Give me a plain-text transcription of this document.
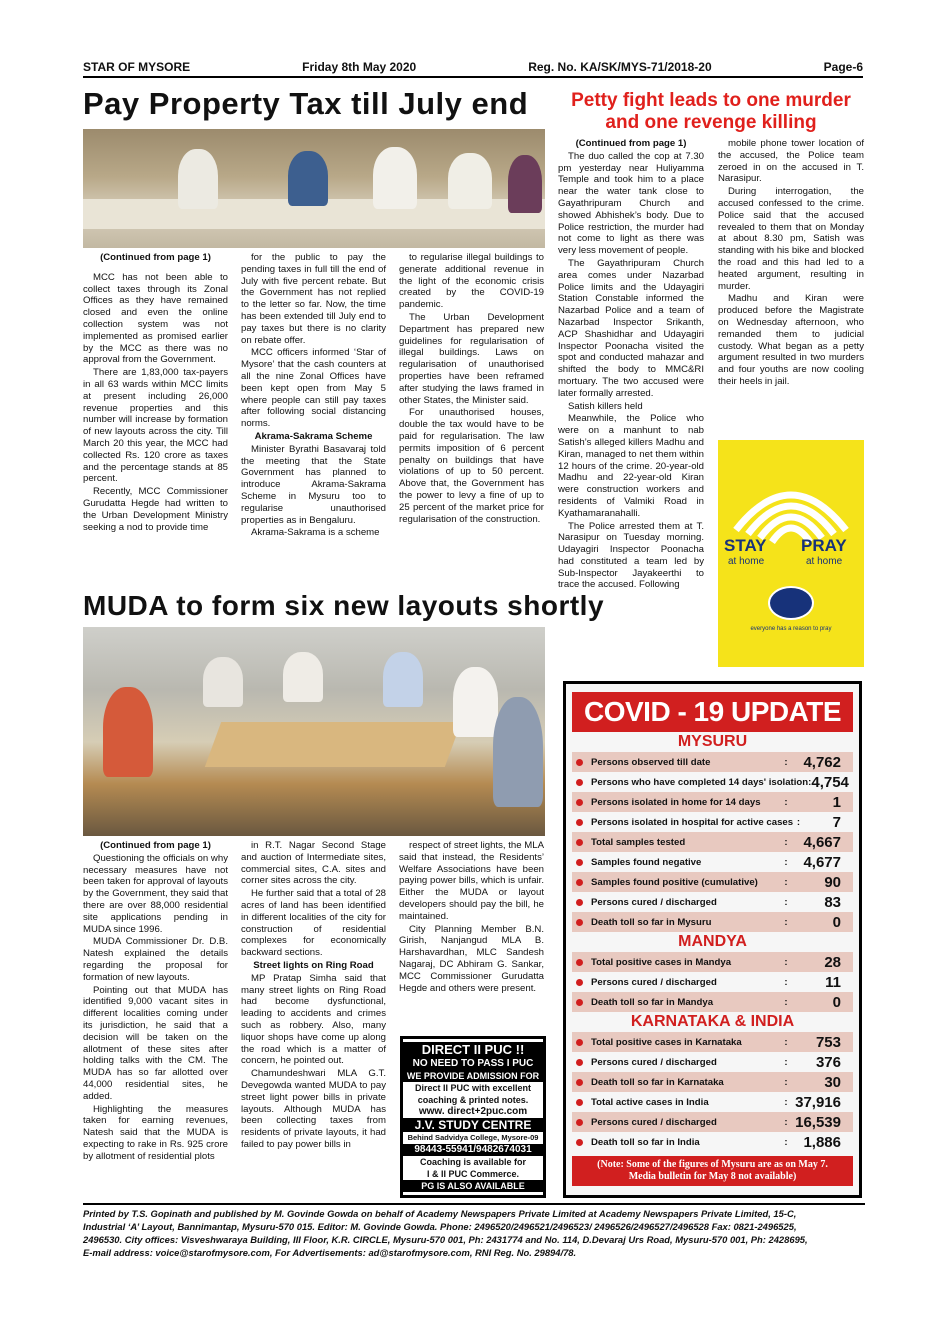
STAR OF MYSORE	Friday 8th May 2020	Reg. No. KA/SK/MYS-71/2018-20	Page-6
Pay Property Tax till July end

(Continued from page 1)

MCC has not been able to collect taxes through its Zonal Offices as they have remained closed and even the online collection system was not implemented as promised earlier by the MCC as there was no approval from the Government.

There are 1,83,000 tax-payers in all 63 wards within MCC limits at present including 26,000 revenue properties and this number will increase by formation of new layouts across the city. Till March 20 this year, the MCC had collected Rs. 120 crore as taxes and the percentage stands at 85 percent.

Recently, MCC Commissioner Gurudatta Hegde had written to the Urban Development Ministry seeking a nod to provide time

for the public to pay the pending taxes in full till the end of July with five percent rebate. But the Government has not replied to the letter so far. Now, the time has been extended till July end to pay taxes but there is no clarity on rebate offer.

MCC officers informed ‘Star of Mysore’ that the cash counters at all the nine Zonal Offices have been kept open from May 5 where people can still pay taxes after following social distancing norms.

Akrama-Sakrama Scheme

Minister Byrathi Basavaraj told the meeting that the State Government has planned to introduce Akrama-Sakrama Scheme in Mysuru too to regularise unauthorised properties as in Bengaluru.

Akrama-Sakrama is a scheme

to regularise illegal buildings to generate additional revenue in the light of the economic crisis created by the COVID-19 pandemic.

The Urban Development Department has prepared new guidelines for regularisation of illegal buildings. Laws on regularisation of unauthorised properties have been reframed after studying the laws framed in other States, the Minister said.

For unauthorised houses, double the tax would have to be paid for regularisation. The law permits imposition of 6 percent penalty on buildings that have violations of up to 50 percent. Above that, the Government has the power to levy a fine of up to 25 percent of the market price for regularisation of the construction.

Petty fight leads to one murder and one revenge killing

(Continued from page 1)

The duo called the cop at 7.30 pm yesterday near Huliyamma Temple and took him to a place near the water tank close to Gayathripuram Church and showed Abhishek’s body. Due to Police restriction, the murder had not come to light as there was very less movement of people.

The Gayathripuram Church area comes under Nazarbad Police limits and the Udayagiri Station Constable informed the Nazarbad Police and a team of Nazarbad Inspector Srikanth, ACP Shashidhar and Udayagiri Inspector Poonacha visited the spot and conducted mahazar and shifted the body to MMC&RI mortuary. The two accused were later formally arrested.

Satish killers held

Meanwhile, the Police who were on a manhunt to nab Satish’s alleged killers Madhu and Kiran, managed to net them within 12 hours of the crime. 20-year-old Madhu and 22-year-old Kiran were construction workers and residents of Valmiki Road in Kyathamaranahalli.

The Police arrested them at T. Narasipur on Tuesday morning. Udayagiri Inspector Poonacha had constituted a team led by Sub-Inspector Jayakeerthi to trace the accused. Following

mobile phone tower location of the accused, the Police team zeroed in on the accused in T. Narasipur.

During interrogation, the accused confessed to the crime. Police said that the accused revealed to them that on Monday at about 8.30 pm, Satish was standing with his bike and blocked the road and this had led to a heated argument, resulting in murder.

Madhu and Kiran were produced before the Magistrate on Wednesday afternoon, who remanded them to judicial custody. What began as a petty argument resulted in two murders and four youths are now cooling their heels in jail.

STAY PRAY
at home	at home
everyone has a reason to pray
MUDA to form six new layouts shortly

(Continued from page 1)

Questioning the officials on why necessary measures have not been taken for approval of layouts by the Government, they said that there are over 88,000 residential site applications pending in MUDA since 1996.

MUDA Commissioner Dr. D.B. Natesh explained the details regarding the proposal for formation of new layouts.

Pointing out that MUDA has identified 9,000 vacant sites in different localities coming under its jurisdiction, he said that a decision will be taken on the allotment of these sites after holding talks with the CM. The MUDA has so far allotted over 44,000 residential sites, he added.

Highlighting the measures taken for earning revenues, Natesh said that the MUDA is expecting to rake in Rs. 925 crore by allotment of residential plots

in R.T. Nagar Second Stage and auction of Intermediate sites, commercial sites, C.A. sites and corner sites across the city.

He further said that a total of 28 acres of land has been identified in different localities of the city for construction of residential complexes for economically backward sections.

Street lights on Ring Road

MP Pratap Simha said that many street lights on Ring Road had become dysfunctional, leading to accidents and crimes such as robbery. Also, many liquor shops have come up along the road which is a matter of concern, he pointed out.

Chamundeshwari MLA G.T. Devegowda wanted MUDA to pay street light power bills in private layouts. Although MUDA has been collecting taxes from residents of private layouts, it had failed to pay power bills in

respect of street lights, the MLA said that instead, the Residents’ Welfare Associations have been paying power bills, which is unfair. Either the MUDA or layout developers should pay the bill, he maintained.

City Planning Member B.N. Girish, Nanjangud MLA B. Harshavardhan, MLC Sandesh Nagaraj, DC Abhiram G. Sankar, MCC Commissioner Gurudatta Hegde and others were present.

DIRECT II PUC !!
NO NEED TO PASS I PUC
WE PROVIDE ADMISSION FOR
Direct II PUC with excellent
coaching & printed notes.
www. direct+2puc.com
J.V. STUDY CENTRE
Behind Sadvidya College, Mysore-09
98443-55941/9482674031
Coaching is available for
I & II PUC Commerce.
PG IS ALSO AVAILABLE
COVID - 19 UPDATE
MYSURU
Persons observed till date	:	4,762
Persons who have completed 14 days' isolation : 4,754
Persons isolated in home for 14 days	:	1
Persons isolated in hospital for active cases :	7
Total samples tested	:	4,667
Samples found negative	:	4,677
Samples found positive (cumulative)	:	90
Persons cured / discharged	:	83
Death toll so far in Mysuru	:	0
MANDYA
Total positive cases in Mandya	:	28
Persons cured / discharged	:	11
Death toll so far in Mandya	:	0
KARNATAKA & INDIA
Total positive cases in Karnataka	:	753
Persons cured / discharged	:	376
Death toll so far in Karnataka	:	30
Total active cases in India	: 37,916
Persons cured / discharged	: 16,539
Death toll so far in India	:	1,886
(Note: Some of the figures of Mysuru are as on May 7.
Media bulletin for May 8 not available)
Printed by T.S. Gopinath and published by M. Govinde Gowda on behalf of Academy Newspapers Private Limited at Academy Newspapers Private Limited, 15-C,
Industrial ‘A’ Layout, Bannimantap, Mysuru-570 015. Editor: M. Govinde Gowda. Phone: 2496520/2496521/2496523/ 2496526/2496527/2496528 Fax: 0821-2496525,
2496530. City offices: Visveshwaraya Building, III Floor, K.R. CIRCLE, Mysuru-570 001, Ph: 2431774 and No. 114, D.Devaraj Urs Road, Mysuru-570 001, Ph: 2428695,
E-mail address: voice@starofmysore.com, For Advertisements: ad@starofmysore.com, RNI Reg. No. 29894/78.
